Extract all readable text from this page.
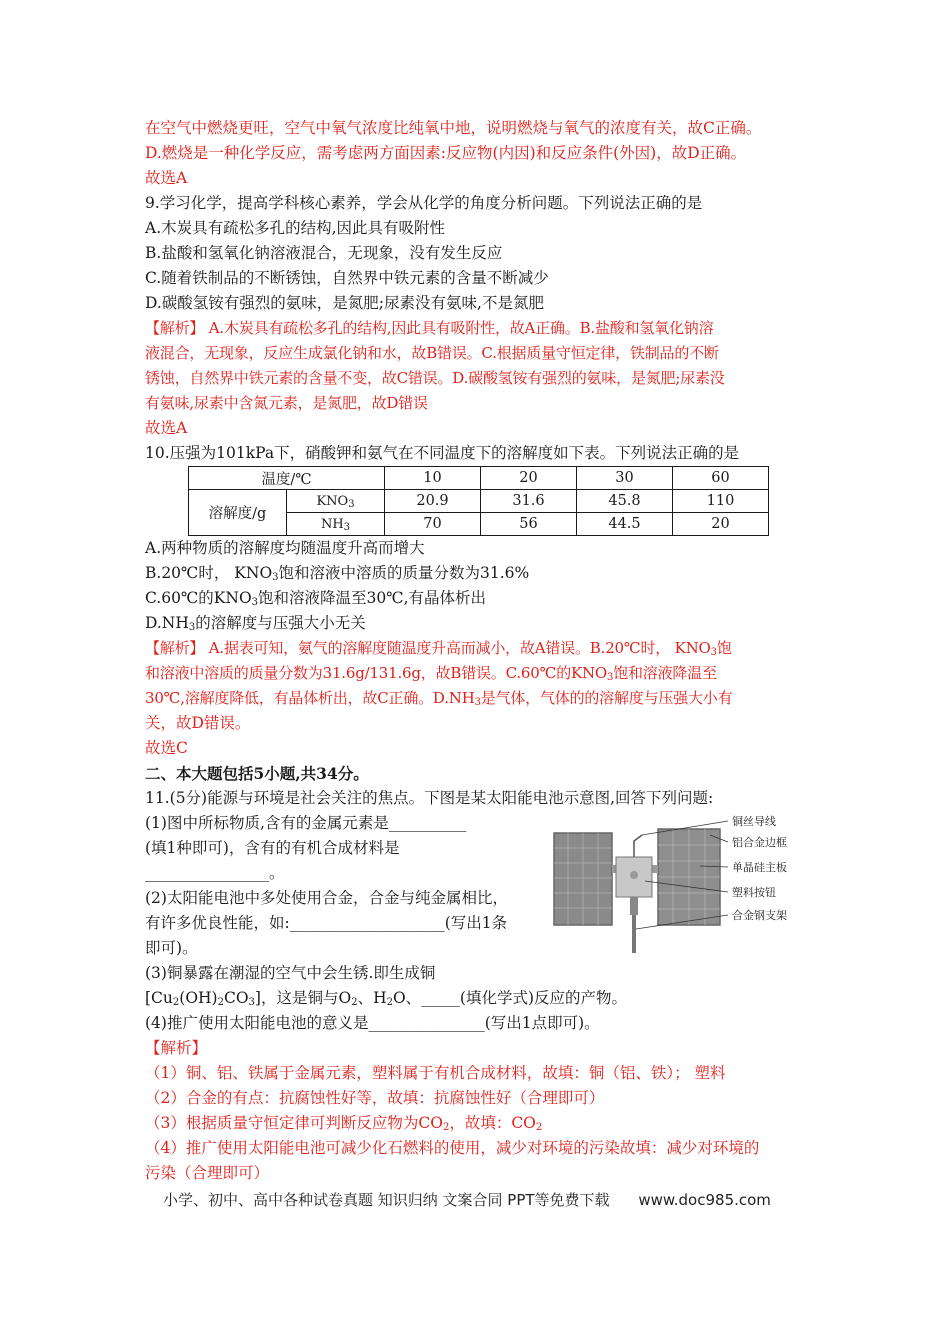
在空气中燃烧更旺，空气中氧气浓度比纯氧中地，说明燃烧与氧气的浓度有关，故C正确。
D.燃烧是一种化学反应，需考虑两方面因素:反应物(内因)和反应条件(外因)，故D正确。
故选A
9.学习化学，提高学科核心素养，学会从化学的角度分析问题。下列说法正确的是
A.木炭具有疏松多孔的结构,因此具有吸附性
B.盐酸和氢氧化钠溶液混合，无现象，没有发生反应
C.随着铁制品的不断锈蚀，自然界中铁元素的含量不断减少
D.碳酸氢铵有强烈的氨味，是氮肥;尿素没有氨味,不是氮肥
【解析】 A.木炭具有疏松多孔的结构,因此具有吸附性，故A正确。B.盐酸和氢氧化钠溶
液混合，无现象，反应生成氯化钠和水，故B错误。C.根据质量守恒定律，铁制品的不断
锈蚀，自然界中铁元素的含量不变，故C错误。D.碳酸氢铵有强烈的氨味，是氮肥;尿素没
有氨味,尿素中含氮元素，是氮肥，故D错误
故选A
10.压强为101kPa下，硝酸钾和氨气在不同温度下的溶解度如下表。下列说法正确的是
温度/℃		10	20	30	60
溶解度/g	$KNO_3$	20.9	31.6	45.8	110
	$NH_3$	70	56	44.5	20
A.两种物质的溶解度均随温度升高而增大
B.20℃时， $KNO_3$饱和溶液中溶质的质量分数为31.6%
C.60℃的$KNO_3$饱和溶液降温至30℃,有晶体析出
$D.NH_3$的溶解度与压强大小无关
【解析】 A.据表可知，氨气的溶解度随温度升高而减小，故A错误。B.20℃时， $KNO_3$饱
和溶液中溶质的质量分数为31.6g/131.6g，故B错误。C.60℃的$KNO_3$饱和溶液降温至
30℃,溶解度降低，有晶体析出，故C正确。$D.NH_3$是气体，气体的的溶解度与压强大小有
关，故D错误。
故选C
二、本大题包括5小题,共34分。
11.(5分)能源与环境是社会关注的焦点。下图是某太阳能电池示意图,回答下列问题:
(1)图中所标物质,含有的金属元素是__________
(填1种即可)，含有的有机合成材料是
________________。
(2)太阳能电池中多处使用合金，合金与纯金属相比，
有许多优良性能，如:____________________(写出1条
即可)。
(3)铜暴露在潮湿的空气中会生锈.即生成铜
$[Cu_2(OH)_2CO_3]$，这是铜与$O_2$、$H_2O$、_____(填化学式)反应的产物。
(4)推广使用太阳能电池的意义是_______________(写出1点即可)。
【解析】
（1）铜、铝、铁属于金属元素，塑料属于有机合成材料，故填：铜（铝、铁）； 塑料
（2）合金的有点：抗腐蚀性好等，故填：抗腐蚀性好（合理即可）
（3）根据质量守恒定律可判断反应物为$CO_2$，故填：$CO_2$
（4）推广使用太阳能电池可减少化石燃料的使用，减少对环境的污染故填：减少对环境的
污染（合理即可）
铜丝导线
铝合金边框
单晶硅主板
塑料按钮
合金钢支架
小学、初中、高中各种试卷真题 知识归纳 文案合同 PPT等免费下载 www.doc985.com
